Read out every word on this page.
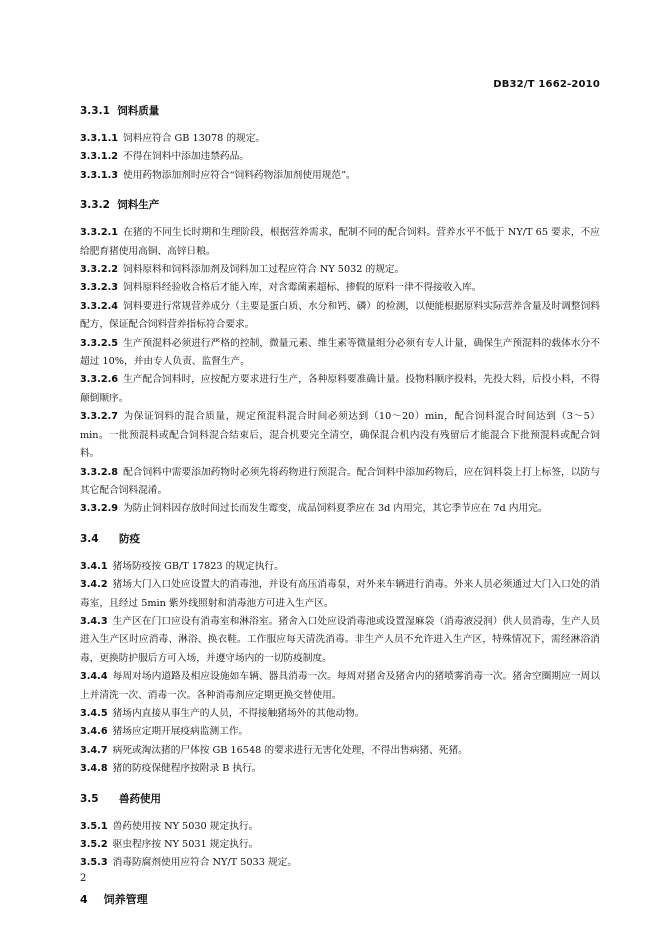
DB32/T 1662-2010
3.3.1 饲料质量

3.3.1.1 饲料应符合 GB 13078 的规定。

3.3.1.2 不得在饲料中添加违禁药品。

3.3.1.3 使用药物添加剂时应符合“饲料药物添加剂使用规范”。

3.3.2 饲料生产

3.3.2.1 在猪的不同生长时期和生理阶段，根据营养需求，配制不同的配合饲料。营养水平不低于 NY/T 65 要求，不应给肥育猪使用高铜、高锌日粮。

3.3.2.2 饲料原料和饲料添加剂及饲料加工过程应符合 NY 5032 的规定。

3.3.2.3 饲料原料经验收合格后才能入库，对含霉菌素超标、掺假的原料一律不得接收入库。

3.3.2.4 饲料要进行常规营养成分（主要是蛋白质、水分和钙、磷）的检测，以便能根据原料实际营养含量及时调整饲料配方，保证配合饲料营养指标符合要求。

3.3.2.5 生产预混料必须进行严格的控制，微量元素、维生素等微量组分必须有专人计量，确保生产预混料的载体水分不超过 10%，并由专人负责、监督生产。

3.3.2.6 生产配合饲料时，应按配方要求进行生产，各种原料要准确计量。投物料顺序投料，先投大料，后投小料，不得颠倒顺序。

3.3.2.7 为保证饲料的混合质量，规定预混料混合时间必须达到（10～20）min，配合饲料混合时间达到（3～5）min。一批预混料或配合饲料混合结束后，混合机要完全清空，确保混合机内没有残留后才能混合下批预混料或配合饲料。

3.3.2.8 配合饲料中需要添加药物时必须先将药物进行预混合。配合饲料中添加药物后，应在饲料袋上打上标签，以防与其它配合饲料混淆。

3.3.2.9 为防止饲料因存放时间过长而发生霉变，成品饲料夏季应在 3d 内用完，其它季节应在 7d 内用完。

3.4 防疫

3.4.1 猪场防疫按 GB/T 17823 的规定执行。

3.4.2 猪场大门入口处应设置大的消毒池，并设有高压消毒泵，对外来车辆进行消毒。外来人员必须通过大门入口处的消毒室，且经过 5min 紫外线照射和消毒池方可进入生产区。

3.4.3 生产区在门口应设有消毒室和淋浴室。猪舍入口处应设消毒池或设置湿麻袋（消毒液浸润）供人员消毒，生产人员进入生产区时应消毒、淋浴、换衣鞋。工作服应每天清洗消毒。非生产人员不允许进入生产区，特殊情况下，需经淋浴消毒，更换防护服后方可入场，并遵守场内的一切防疫制度。

3.4.4 每周对场内道路及相应设施如车辆、器具消毒一次。每周对猪舍及猪舍内的猪喷雾消毒一次。猪舍空圈期应一周以上并清洗一次、消毒一次。各种消毒剂应定期更换交替使用。

3.4.5 猪场内直接从事生产的人员，不得接触猪场外的其他动物。

3.4.6 猪场应定期开展疫病监测工作。

3.4.7 病死或淘汰猪的尸体按 GB 16548 的要求进行无害化处理，不得出售病猪、死猪。

3.4.8 猪的防疫保健程序按附录 B 执行。

3.5 兽药使用

3.5.1 兽药使用按 NY 5030 规定执行。

3.5.2 驱虫程序按 NY 5031 规定执行。

3.5.3 消毒防腐剂使用应符合 NY/T 5033 规定。

4 饲养管理
2
